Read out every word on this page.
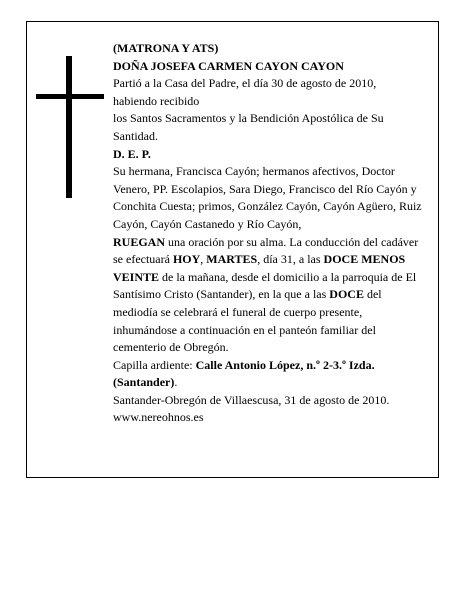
(MATRONA Y ATS)

DOÑA JOSEFA CARMEN CAYON CAYON

Partió a la Casa del Padre, el día 30 de agosto de 2010,

habiendo recibido

los Santos Sacramentos y la Bendición Apostólica de Su Santidad.

D. E. P.

Su hermana, Francisca Cayón; hermanos afectivos, Doctor Venero, PP. Escolapios, Sara Diego, Francisco del Río Cayón y Conchita Cuesta; primos, González Cayón, Cayón Agüero, Ruiz Cayón, Cayón Castanedo y Río Cayón,

RUEGAN una oración por su alma. La conducción del cadáver se efectuará HOY, MARTES, día 31, a las DOCE MENOS VEINTE de la mañana, desde el domicilio a la parroquia de El Santísimo Cristo (Santander), en la que a las DOCE del mediodía se celebrará el funeral de cuerpo presente, inhumándose a continuación en el panteón familiar del cementerio de Obregón.

Capilla ardiente: Calle Antonio López, n.º 2-3.º Izda. (Santander).

Santander-Obregón de Villaescusa, 31 de agosto de 2010.

www.nereohnos.es
